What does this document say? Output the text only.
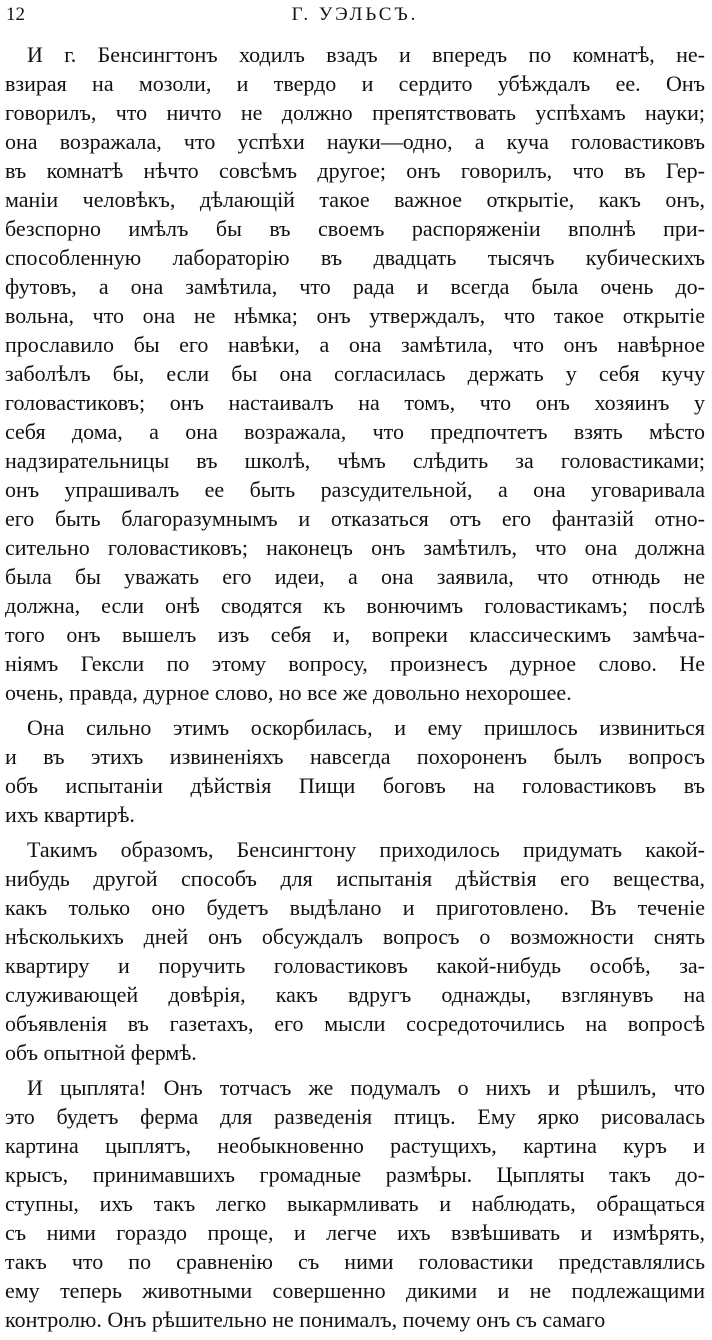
12	Г. УЭЛЬСЪ.
И г. Бенсингтонъ ходилъ взадъ и впередъ по комнатѣ, не-
взирая на мозоли, и твердо и сердито убѣждалъ ее. Онъ
говорилъ, что ничто не должно препятствовать успѣхамъ науки;
она возражала, что успѣхи науки—одно, а куча головастиковъ
въ комнатѣ нѣчто совсѣмъ другое; онъ говорилъ, что въ Гер-
маніи человѣкъ, дѣлающій такое важное открытіе, какъ онъ,
безспорно имѣлъ бы въ своемъ распоряженіи вполнѣ при-
способленную лабораторію въ двадцать тысячъ кубическихъ
футовъ, а она замѣтила, что рада и всегда была очень до-
вольна, что она не нѣмка; онъ утверждалъ, что такое открытіе
прославило бы его навѣки, а она замѣтила, что онъ навѣрное
заболѣлъ бы, если бы она согласилась держать у себя кучу
головастиковъ; онъ настаивалъ на томъ, что онъ хозяинъ у
себя дома, а она возражала, что предпочтетъ взять мѣсто
надзирательницы въ школѣ, чѣмъ слѣдить за головастиками;
онъ упрашивалъ ее быть разсудительной, а она уговаривала
его быть благоразумнымъ и отказаться отъ его фантазій отно-
сительно головастиковъ; наконецъ онъ замѣтилъ, что она должна
была бы уважать его идеи, а она заявила, что отнюдь не
должна, если онѣ сводятся къ вонючимъ головастикамъ; послѣ
того онъ вышелъ изъ себя и, вопреки классическимъ замѣча-
ніямъ Гексли по этому вопросу, произнесъ дурное слово. Не
очень, правда, дурное слово, но все же довольно нехорошее.
Она сильно этимъ оскорбилась, и ему пришлось извиниться
и въ этихъ извиненіяхъ навсегда похороненъ былъ вопросъ
объ испытаніи дѣйствія Пищи боговъ на головастиковъ въ
ихъ квартирѣ.
Такимъ образомъ, Бенсингтону приходилось придумать какой-
нибудь другой способъ для испытанія дѣйствія его вещества,
какъ только оно будетъ выдѣлано и приготовлено. Въ теченіе
нѣсколькихъ дней онъ обсуждалъ вопросъ о возможности снять
квартиру и поручить головастиковъ какой-нибудь особѣ, за-
служивающей довѣрія, какъ вдругъ однажды, взглянувъ на
объявленія въ газетахъ, его мысли сосредоточились на вопросѣ
объ опытной фермѣ.
И цыплята! Онъ тотчасъ же подумалъ о нихъ и рѣшилъ, что
это будетъ ферма для разведенія птицъ. Ему ярко рисовалась
картина цыплятъ, необыкновенно растущихъ, картина куръ и
крысъ, принимавшихъ громадные размѣры. Цыпляты такъ до-
ступны, ихъ такъ легко выкармливать и наблюдать, обращаться
съ ними гораздо проще, и легче ихъ взвѣшивать и измѣрять,
такъ что по сравненію съ ними головастики представлялись
ему теперь животными совершенно дикими и не подлежащими
контролю. Онъ рѣшительно не понималъ, почему онъ съ самаго
